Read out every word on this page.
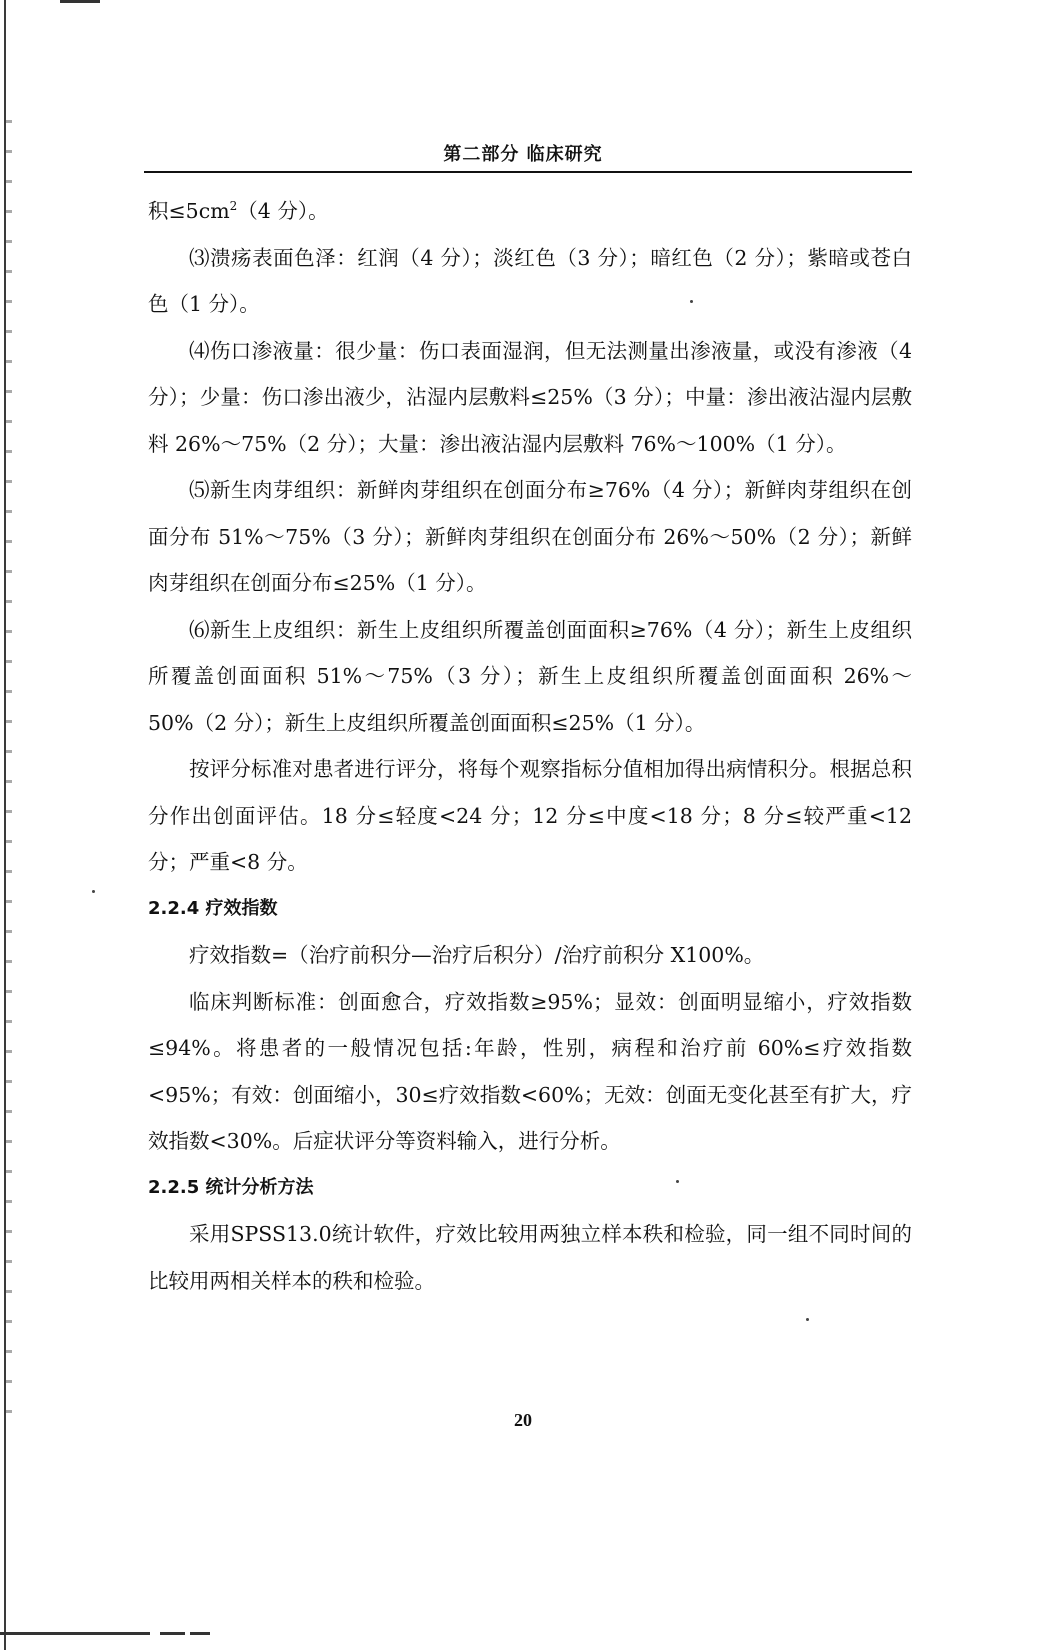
第二部分 临床研究

积$\le 5cm^2(4$ 分）。

⑶溃疡表面色泽：红润（4 分）；淡红色（3 分）；暗红色（2 分）；紫暗或苍白色（1 分）。

⑷伤口渗液量：很少量：伤口表面湿润，但无法测量出渗液量，或没有渗液（4 分）；少量：伤口渗出液少，沾湿内层敷料≤25%（3 分）；中量：渗出液沾湿内层敷料 26%～75%（2 分）；大量：渗出液沾湿内层敷料 76%～100%（1 分）。

⑸新生肉芽组织：新鲜肉芽组织在创面分布≥76%（4 分）；新鲜肉芽组织在创面分布 51%～75%（3 分）；新鲜肉芽组织在创面分布 26%～50%（2 分）；新鲜肉芽组织在创面分布≤25%（1 分）。

⑹新生上皮组织：新生上皮组织所覆盖创面面积≥76%（4 分）；新生上皮组织所覆盖创面面积 51%～75%（3 分）；新生上皮组织所覆盖创面面积 26%～50%（2 分）；新生上皮组织所覆盖创面面积≤25%（1 分）。

按评分标准对患者进行评分，将每个观察指标分值相加得出病情积分。根据总积分作出创面评估。18 分≤轻度<24 分；12 分≤中度<18 分；8 分≤较严重<12 分；严重<8 分。

2.2.4 疗效指数

疗效指数=（治疗前积分—治疗后积分）/治疗前积分 X100%。

临床判断标准：创面愈合，疗效指数≥95%；显效：创面明显缩小，疗效指数≤94%。将患者的一般情况包括:年龄，性别，病程和治疗前 60%≤疗效指数<95%；有效：创面缩小，30≤疗效指数<60%；无效：创面无变化甚至有扩大，疗效指数<30%。后症状评分等资料输入，进行分析。

2.2.5 统计分析方法

采用SPSS13.0统计软件，疗效比较用两独立样本秩和检验，同一组不同时间的比较用两相关样本的秩和检验。

20
